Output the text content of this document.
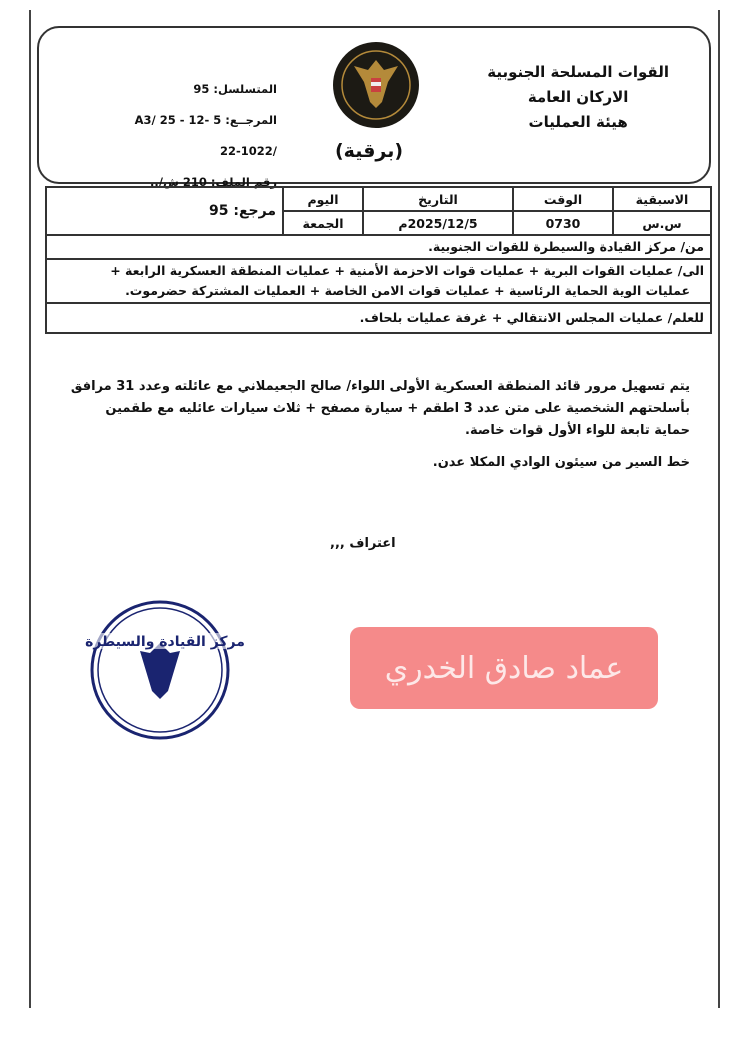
القوات المسلحة الجنوبية
الاركان العامة
هيئة العمليات
(برقية)
المتسلسل: 95
المرجــع: A3/ 25 - 12- 5
22-1022/
رقم الملف: 210 ش/..
الاسبقية	الوقت	التاريخ	اليوم	مرجع: 95
س.س	0730	2025/12/5م	الجمعة	
من/ مركز القيادة والسيطرة للقوات الجنوبية.				

الى/ عمليات القوات البرية + عمليات قوات الاحزمة الأمنية + عمليات المنطقة العسكرية الرابعة +
عمليات الوية الحماية الرئاسية + عمليات قوات الامن الخاصة + العمليات المشتركة حضرموت.				

للعلم/ عمليات المجلس الانتقالي + غرفة عمليات بلحاف.				
يتم تسهيل مرور قائد المنطقة العسكرية الأولى اللواء/ صالح الجعيملاني مع عائلته وعدد 31 مرافق بأسلحتهم الشخصية على متن عدد 3 اطقم + سيارة مصفح + ثلاث سيارات عائليه مع طقمين حماية تابعة للواء الأول قوات خاصة.
خط السير من سيئون الوادي المكلا عدن.
اعتراف ,,,
مركز القيادة والسيطرة
عماد صادق الخدري
